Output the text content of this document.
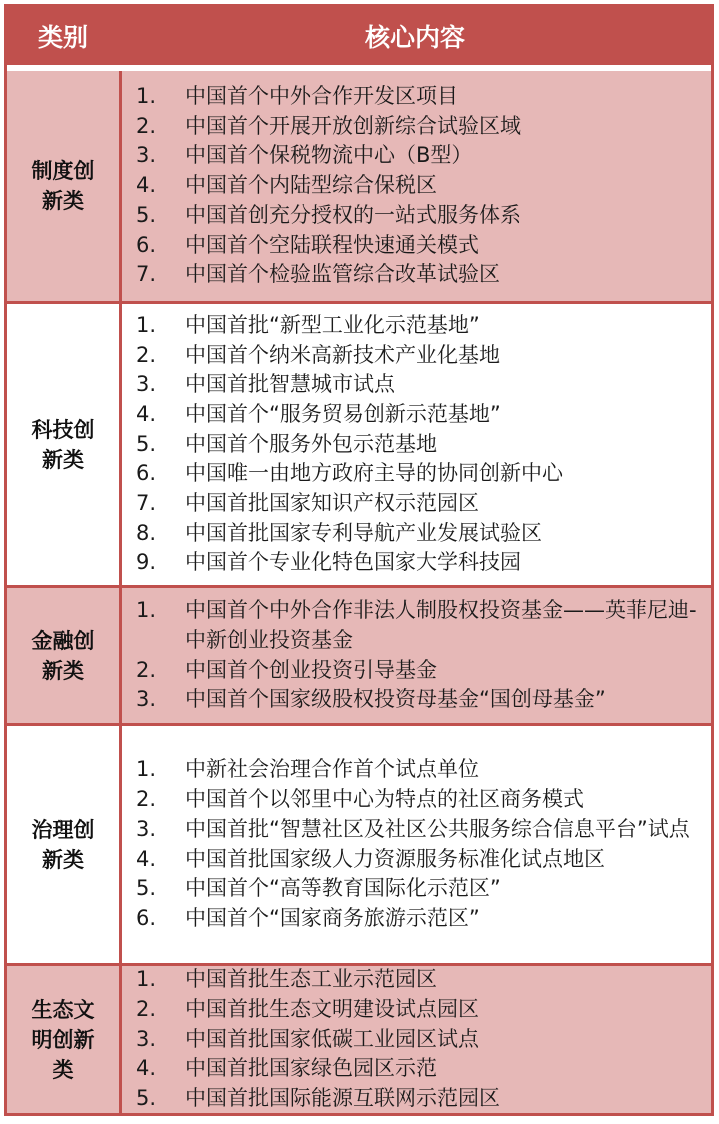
类别	核心内容
制度创新类
1.	中国首个中外合作开发区项目
2.	中国首个开展开放创新综合试验区域
3.	中国首个保税物流中心（B型）
4.	中国首个内陆型综合保税区
5.	中国首创充分授权的一站式服务体系
6.	中国首个空陆联程快速通关模式
7.	中国首个检验监管综合改革试验区
科技创新类
1.	中国首批“新型工业化示范基地”
2.	中国首个纳米高新技术产业化基地
3.	中国首批智慧城市试点
4.	中国首个“服务贸易创新示范基地”
5.	中国首个服务外包示范基地
6.	中国唯一由地方政府主导的协同创新中心
7.	中国首批国家知识产权示范园区
8.	中国首批国家专利导航产业发展试验区
9.	中国首个专业化特色国家大学科技园
金融创新类
1.	中国首个中外合作非法人制股权投资基金——英菲尼迪-中新创业投资基金
2.	中国首个创业投资引导基金
3.	中国首个国家级股权投资母基金“国创母基金”
治理创新类
1.	中新社会治理合作首个试点单位
2.	中国首个以邻里中心为特点的社区商务模式
3.	中国首批“智慧社区及社区公共服务综合信息平台”试点
4.	中国首批国家级人力资源服务标准化试点地区
5.	中国首个“高等教育国际化示范区”
6.	中国首个“国家商务旅游示范区”
生态文明创新类
1.	中国首批生态工业示范园区
2.	中国首批生态文明建设试点园区
3.	中国首批国家低碳工业园区试点
4.	中国首批国家绿色园区示范
5.	中国首批国际能源互联网示范园区
